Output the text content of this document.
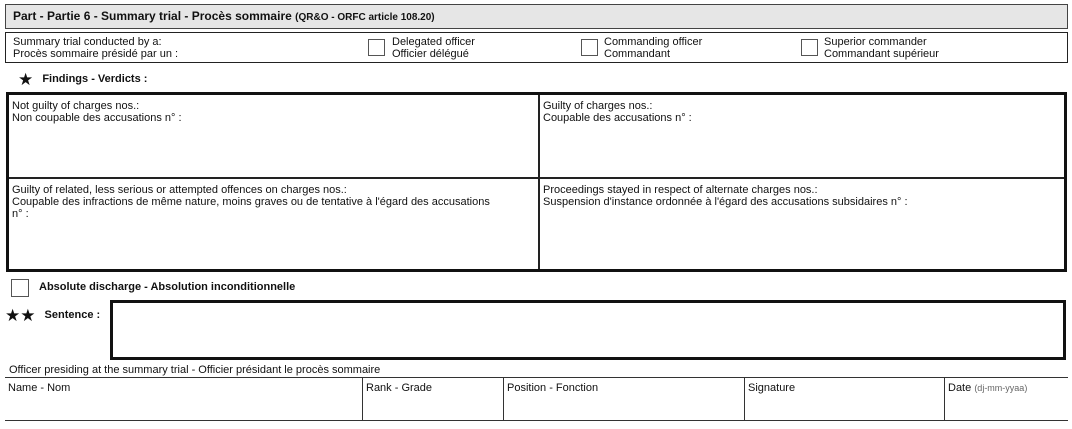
Part - Partie 6 - Summary trial - Procès sommaire (QR&O - ORFC article 108.20)
Summary trial conducted by a:
Procès sommaire présidé par un :
Delegated officer
Officier délégué
Commanding officer
Commandant
Superior commander
Commandant supérieur
★ Findings - Verdicts :
Not guilty of charges nos.:
Non coupable des accusations n° :
Guilty of charges nos.:
Coupable des accusations n° :
Guilty of related, less serious or attempted offences on charges nos.:
Coupable des infractions de même nature, moins graves ou de tentative à l'égard des accusations n° :
Proceedings stayed in respect of alternate charges nos.:
Suspension d'instance ordonnée à l'égard des accusations subsidaires n° :
Absolute discharge - Absolution inconditionnelle
★★ Sentence :
Officer presiding at the summary trial - Officier présidant le procès sommaire
Name - Nom	Rank - Grade	Position - Fonction	Signature	Date (dj-mm-yyaa)
